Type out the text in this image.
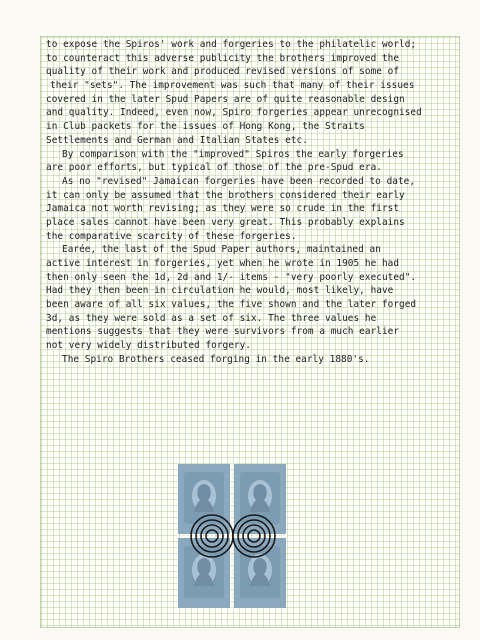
to expose the Spiros' work and forgeries to the philatelic world;
to counteract this adverse publicity the brothers improved the
quality of their work and produced revised versions of some of
their "sets". The improvement was such that many of their issues
covered in the later Spud Papers are of quite reasonable design
and quality. Indeed, even now, Spiro forgeries appear unrecognised
in Club packets for the issues of Hong Kong, the Straits
Settlements and German and Italian States etc.
By comparison with the "improved" Spiros the early forgeries
are poor efforts, but typical of those of the pre-Spud era.
As no "revised" Jamaican forgeries have been recorded to date,
it can only be assumed that the brothers considered their early
Jamaica not worth revising; as they were so crude in the first
place sales cannot have been very great. This probably explains
the comparative scarcity of these forgeries.
Earée, the last of the Spud Paper authors, maintained an
active interest in forgeries, yet when he wrote in 1905 he had
then only seen the 1d, 2d and 1/- items - "very poorly executed".
Had they then been in circulation he would, most likely, have
been aware of all six values, the five shown and the later forged
3d, as they were sold as a set of six. The three values he
mentions suggests that they were survivors from a much earlier
not very widely distributed forgery.
The Spiro Brothers ceased forging in the early 1880's.
